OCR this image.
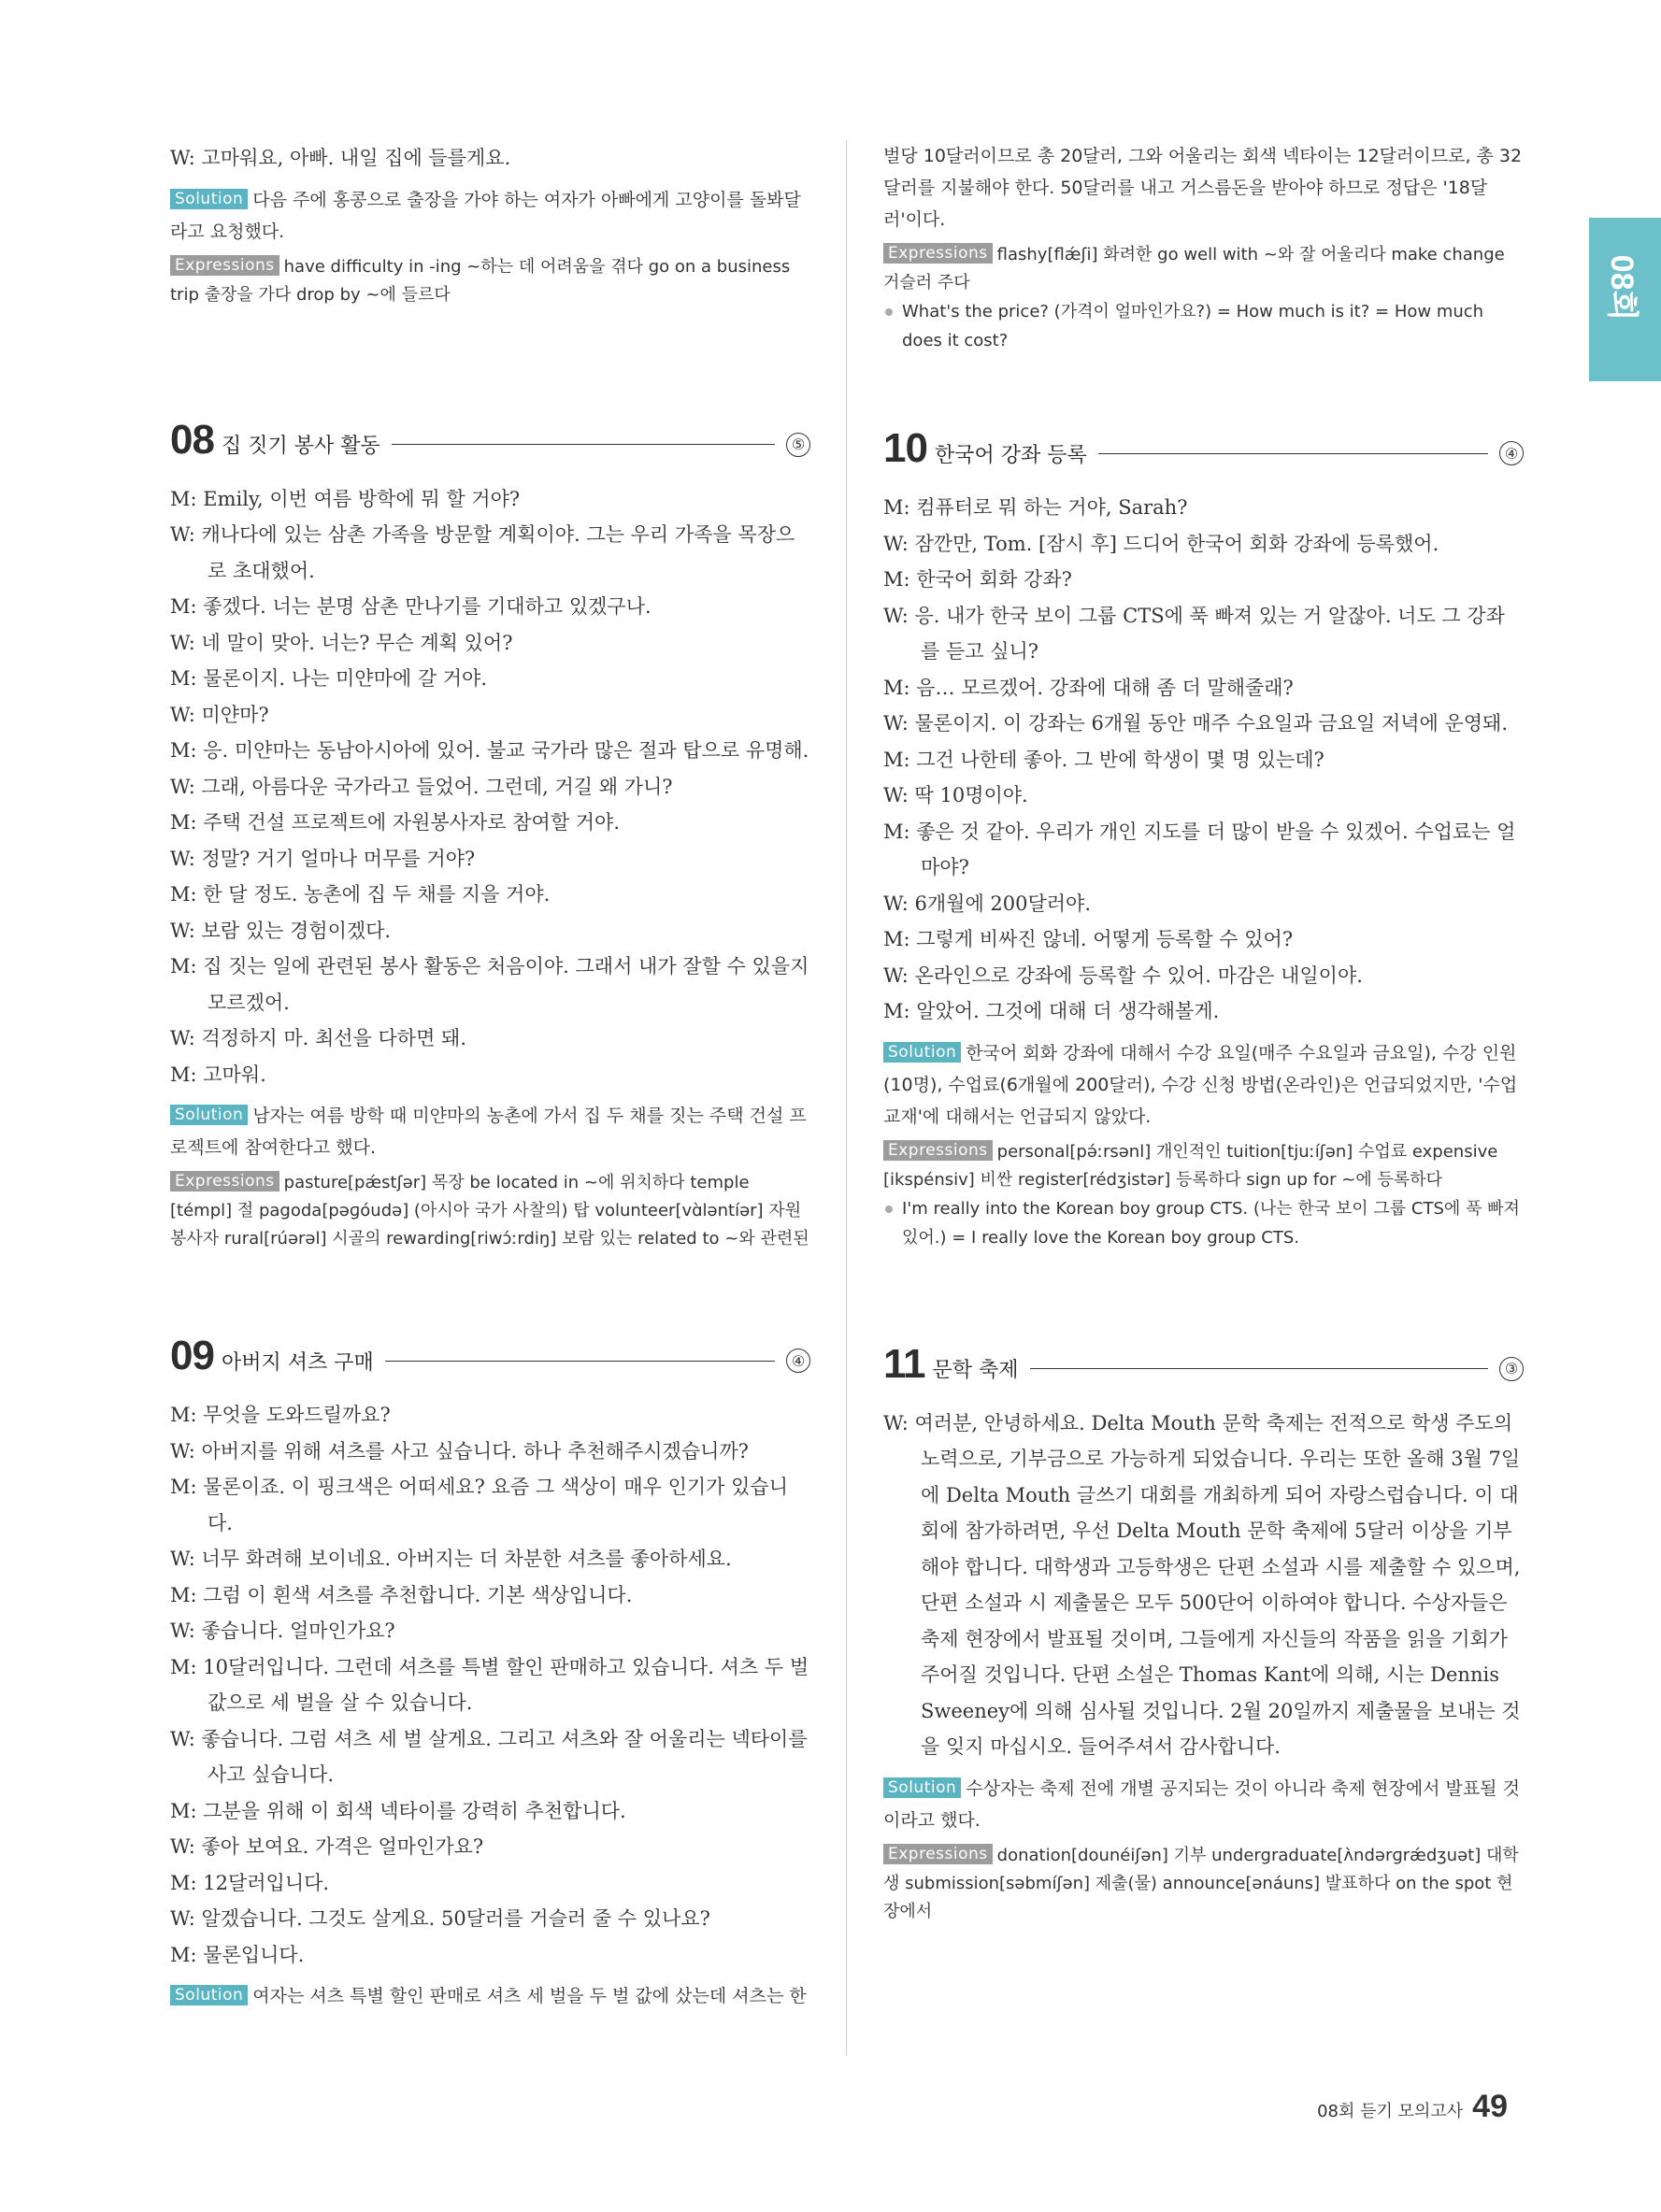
08회

W: 고마워요, 아빠. 내일 집에 들를게요.

Solution 다음 주에 홍콩으로 출장을 가야 하는 여자가 아빠에게 고양이를 돌봐달라고 요청했다.

Expressions have difficulty in -ing ~하는 데 어려움을 겪다 go on a business trip 출장을 가다 drop by ~에 들르다

08 집 짓기 봉사 활동	⑤

M: Emily, 이번 여름 방학에 뭐 할 거야?

W: 캐나다에 있는 삼촌 가족을 방문할 계획이야. 그는 우리 가족을 목장으로 초대했어.

M: 좋겠다. 너는 분명 삼촌 만나기를 기대하고 있겠구나.

W: 네 말이 맞아. 너는? 무슨 계획 있어?

M: 물론이지. 나는 미얀마에 갈 거야.

W: 미얀마?

M: 응. 미얀마는 동남아시아에 있어. 불교 국가라 많은 절과 탑으로 유명해.

W: 그래, 아름다운 국가라고 들었어. 그런데, 거길 왜 가니?

M: 주택 건설 프로젝트에 자원봉사자로 참여할 거야.

W: 정말? 거기 얼마나 머무를 거야?

M: 한 달 정도. 농촌에 집 두 채를 지을 거야.

W: 보람 있는 경험이겠다.

M: 집 짓는 일에 관련된 봉사 활동은 처음이야. 그래서 내가 잘할 수 있을지 모르겠어.

W: 걱정하지 마. 최선을 다하면 돼.

M: 고마워.

Solution 남자는 여름 방학 때 미얀마의 농촌에 가서 집 두 채를 짓는 주택 건설 프로젝트에 참여한다고 했다.

Expressions pasture[pǽstʃər] 목장 be located in ~에 위치하다 temple [témpl] 절 pagoda[pəɡóudə] (아시아 국가 사찰의) 탑 volunteer[vɑ̀ləntíər] 자원봉사자 rural[rúərəl] 시골의 rewarding[riwɔ́ːrdiŋ] 보람 있는 related to ~와 관련된

09 아버지 셔츠 구매	④

M: 무엇을 도와드릴까요?

W: 아버지를 위해 셔츠를 사고 싶습니다. 하나 추천해주시겠습니까?

M: 물론이죠. 이 핑크색은 어떠세요? 요즘 그 색상이 매우 인기가 있습니다.

W: 너무 화려해 보이네요. 아버지는 더 차분한 셔츠를 좋아하세요.

M: 그럼 이 흰색 셔츠를 추천합니다. 기본 색상입니다.

W: 좋습니다. 얼마인가요?

M: 10달러입니다. 그런데 셔츠를 특별 할인 판매하고 있습니다. 셔츠 두 벌 값으로 세 벌을 살 수 있습니다.

W: 좋습니다. 그럼 셔츠 세 벌 살게요. 그리고 셔츠와 잘 어울리는 넥타이를 사고 싶습니다.

M: 그분을 위해 이 회색 넥타이를 강력히 추천합니다.

W: 좋아 보여요. 가격은 얼마인가요?

M: 12달러입니다.

W: 알겠습니다. 그것도 살게요. 50달러를 거슬러 줄 수 있나요?

M: 물론입니다.

Solution 여자는 셔츠 특별 할인 판매로 셔츠 세 벌을 두 벌 값에 샀는데 셔츠는 한

벌당 10달러이므로 총 20달러, 그와 어울리는 회색 넥타이는 12달러이므로, 총 32달러를 지불해야 한다. 50달러를 내고 거스름돈을 받아야 하므로 정답은 '18달러'이다.

Expressions flashy[flǽʃi] 화려한 go well with ~와 잘 어울리다 make change 거슬러 주다

What's the price? (가격이 얼마인가요?) = How much is it? = How much does it cost?

10 한국어 강좌 등록	④

M: 컴퓨터로 뭐 하는 거야, Sarah?

W: 잠깐만, Tom. [잠시 후] 드디어 한국어 회화 강좌에 등록했어.

M: 한국어 회화 강좌?

W: 응. 내가 한국 보이 그룹 CTS에 푹 빠져 있는 거 알잖아. 너도 그 강좌를 듣고 싶니?

M: 음… 모르겠어. 강좌에 대해 좀 더 말해줄래?

W: 물론이지. 이 강좌는 6개월 동안 매주 수요일과 금요일 저녁에 운영돼.

M: 그건 나한테 좋아. 그 반에 학생이 몇 명 있는데?

W: 딱 10명이야.

M: 좋은 것 같아. 우리가 개인 지도를 더 많이 받을 수 있겠어. 수업료는 얼마야?

W: 6개월에 200달러야.

M: 그렇게 비싸진 않네. 어떻게 등록할 수 있어?

W: 온라인으로 강좌에 등록할 수 있어. 마감은 내일이야.

M: 알았어. 그것에 대해 더 생각해볼게.

Solution 한국어 회화 강좌에 대해서 수강 요일(매주 수요일과 금요일), 수강 인원(10명), 수업료(6개월에 200달러), 수강 신청 방법(온라인)은 언급되었지만, '수업 교재'에 대해서는 언급되지 않았다.

Expressions personal[pə́ːrsənl] 개인적인 tuition[tjuːíʃən] 수업료 expensive [ikspénsiv] 비싼 register[rédʒistər] 등록하다 sign up for ~에 등록하다

I'm really into the Korean boy group CTS. (나는 한국 보이 그룹 CTS에 푹 빠져 있어.) = I really love the Korean boy group CTS.

11 문학 축제	③

W: 여러분, 안녕하세요. Delta Mouth 문학 축제는 전적으로 학생 주도의 노력으로, 기부금으로 가능하게 되었습니다. 우리는 또한 올해 3월 7일에 Delta Mouth 글쓰기 대회를 개최하게 되어 자랑스럽습니다. 이 대회에 참가하려면, 우선 Delta Mouth 문학 축제에 5달러 이상을 기부해야 합니다. 대학생과 고등학생은 단편 소설과 시를 제출할 수 있으며, 단편 소설과 시 제출물은 모두 500단어 이하여야 합니다. 수상자들은 축제 현장에서 발표될 것이며, 그들에게 자신들의 작품을 읽을 기회가 주어질 것입니다. 단편 소설은 Thomas Kant에 의해, 시는 Dennis Sweeney에 의해 심사될 것입니다. 2월 20일까지 제출물을 보내는 것을 잊지 마십시오. 들어주셔서 감사합니다.

Solution 수상자는 축제 전에 개별 공지되는 것이 아니라 축제 현장에서 발표될 것이라고 했다.

Expressions donation[dounéiʃən] 기부 undergraduate[ʌ̀ndərɡrǽdʒuət] 대학생 submission[səbmíʃən] 제출(물) announce[ənáuns] 발표하다 on the spot 현장에서

08회 듣기 모의고사 49
